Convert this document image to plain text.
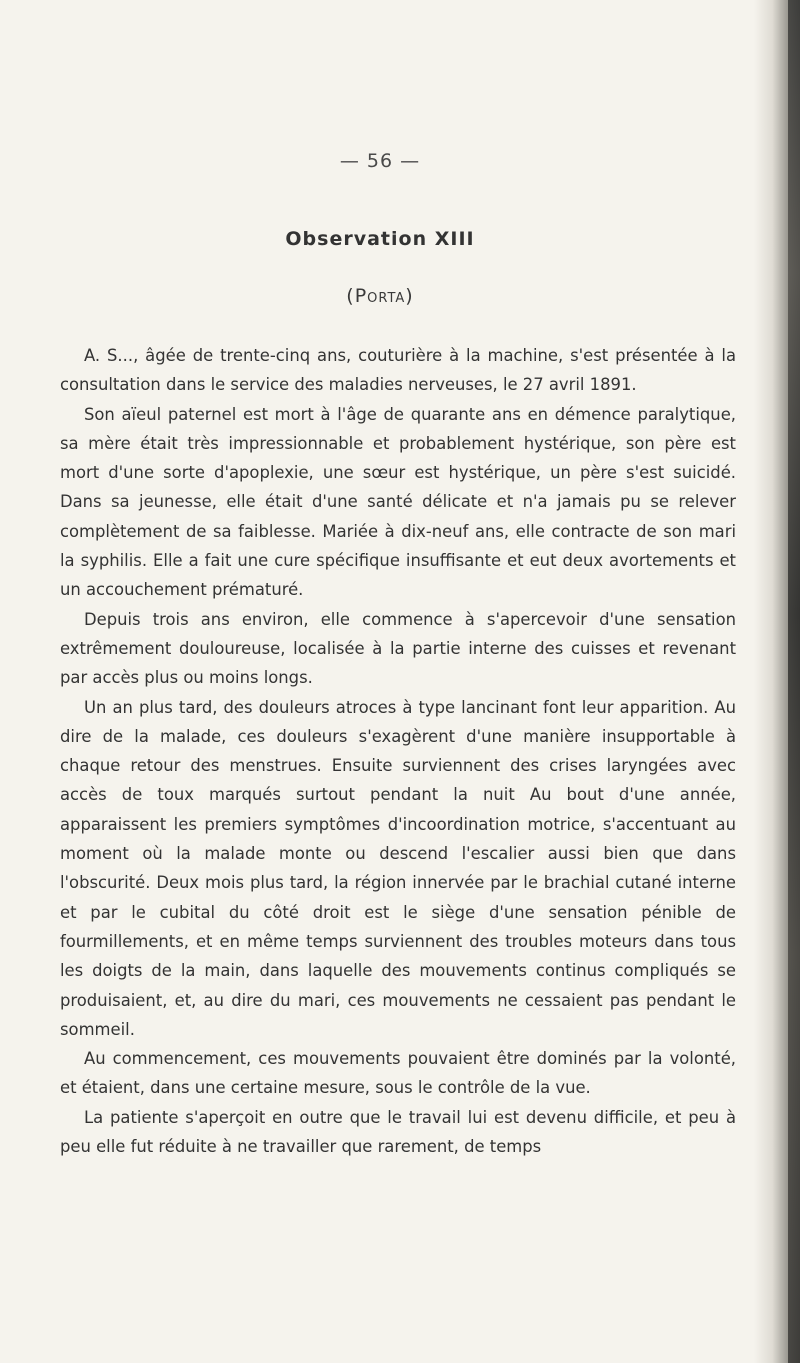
— 56 —
Observation XIII
(Porta)

A. S..., âgée de trente-cinq ans, couturière à la machine, s'est présentée à la consultation dans le service des maladies nerveuses, le 27 avril 1891.

Son aïeul paternel est mort à l'âge de quarante ans en démence paralytique, sa mère était très impressionnable et probablement hystérique, son père est mort d'une sorte d'apoplexie, une sœur est hystérique, un père s'est suicidé. Dans sa jeunesse, elle était d'une santé délicate et n'a jamais pu se relever complètement de sa faiblesse. Mariée à dix-neuf ans, elle contracte de son mari la syphilis. Elle a fait une cure spécifique insuffisante et eut deux avortements et un accouchement prématuré.

Depuis trois ans environ, elle commence à s'apercevoir d'une sensation extrêmement douloureuse, localisée à la partie interne des cuisses et revenant par accès plus ou moins longs.

Un an plus tard, des douleurs atroces à type lancinant font leur apparition. Au dire de la malade, ces douleurs s'exagèrent d'une manière insupportable à chaque retour des menstrues. Ensuite surviennent des crises laryngées avec accès de toux marqués surtout pendant la nuit Au bout d'une année, apparaissent les premiers symptômes d'incoordination motrice, s'accentuant au moment où la malade monte ou descend l'escalier aussi bien que dans l'obscurité. Deux mois plus tard, la région innervée par le brachial cutané interne et par le cubital du côté droit est le siège d'une sensation pénible de fourmillements, et en même temps surviennent des troubles moteurs dans tous les doigts de la main, dans laquelle des mouvements continus compliqués se produisaient, et, au dire du mari, ces mouvements ne cessaient pas pendant le sommeil.

Au commencement, ces mouvements pouvaient être dominés par la volonté, et étaient, dans une certaine mesure, sous le contrôle de la vue.

La patiente s'aperçoit en outre que le travail lui est devenu difficile, et peu à peu elle fut réduite à ne travailler que rarement, de temps
